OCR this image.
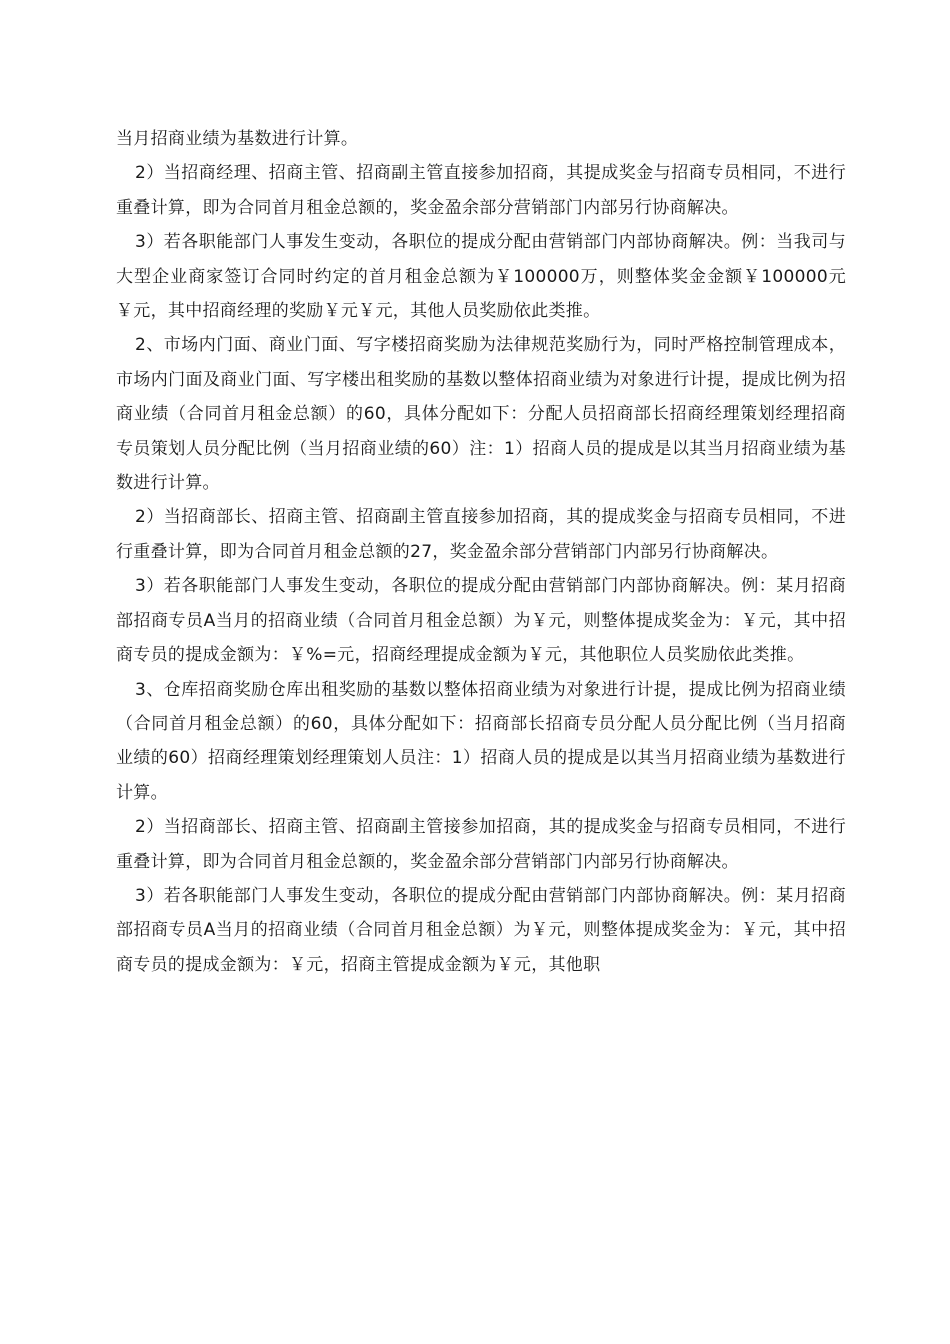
当月招商业绩为基数进行计算。

2）当招商经理、招商主管、招商副主管直接参加招商，其提成奖金与招商专员相同，不进行重叠计算，即为合同首月租金总额的，奖金盈余部分营销部门内部另行协商解决。

3）若各职能部门人事发生变动，各职位的提成分配由营销部门内部协商解决。例：当我司与大型企业商家签订合同时约定的首月租金总额为￥100000万，则整体奖金金额￥100000元￥元，其中招商经理的奖励￥元￥元，其他人员奖励依此类推。

2、市场内门面、商业门面、写字楼招商奖励为法律规范奖励行为，同时严格控制管理成本，市场内门面及商业门面、写字楼出租奖励的基数以整体招商业绩为对象进行计提，提成比例为招商业绩（合同首月租金总额）的60，具体分配如下：分配人员招商部长招商经理策划经理招商专员策划人员分配比例（当月招商业绩的60）注：1）招商人员的提成是以其当月招商业绩为基数进行计算。

2）当招商部长、招商主管、招商副主管直接参加招商，其的提成奖金与招商专员相同，不进行重叠计算，即为合同首月租金总额的27，奖金盈余部分营销部门内部另行协商解决。

3）若各职能部门人事发生变动，各职位的提成分配由营销部门内部协商解决。例：某月招商部招商专员A当月的招商业绩（合同首月租金总额）为￥元，则整体提成奖金为：￥元，其中招商专员的提成金额为：￥%=元，招商经理提成金额为￥元，其他职位人员奖励依此类推。

3、仓库招商奖励仓库出租奖励的基数以整体招商业绩为对象进行计提，提成比例为招商业绩（合同首月租金总额）的60，具体分配如下：招商部长招商专员分配人员分配比例（当月招商业绩的60）招商经理策划经理策划人员注：1）招商人员的提成是以其当月招商业绩为基数进行计算。

2）当招商部长、招商主管、招商副主管接参加招商，其的提成奖金与招商专员相同，不进行重叠计算，即为合同首月租金总额的，奖金盈余部分营销部门内部另行协商解决。

3）若各职能部门人事发生变动，各职位的提成分配由营销部门内部协商解决。例：某月招商部招商专员A当月的招商业绩（合同首月租金总额）为￥元，则整体提成奖金为：￥元，其中招商专员的提成金额为：￥元，招商主管提成金额为￥元，其他职
